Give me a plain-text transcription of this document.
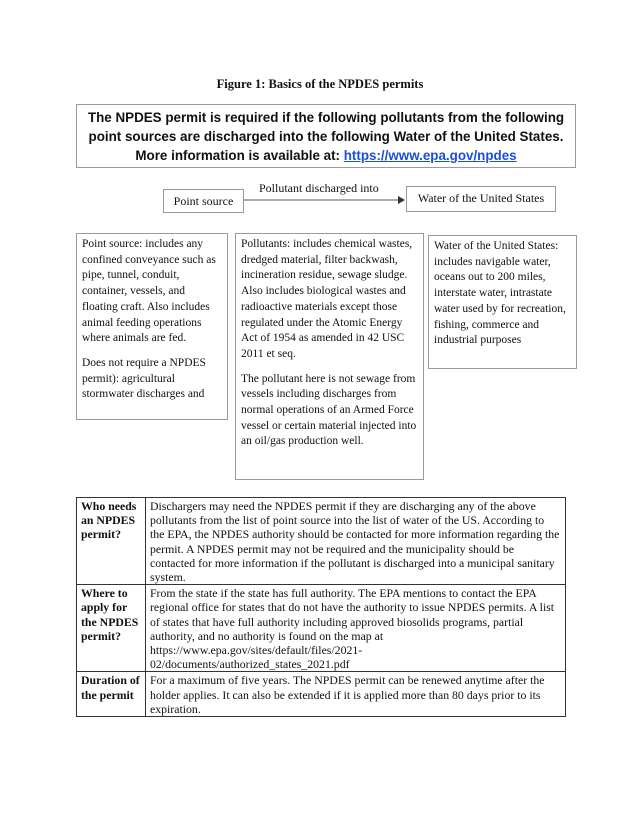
Figure 1: Basics of the NPDES permits
The NPDES permit is required if the following pollutants from the following
point sources are discharged into the following Water of the United States.
More information is available at: https://www.epa.gov/npdes
Point source
Pollutant discharged into
Water of the United States

Point source: includes any confined conveyance such as pipe, tunnel, conduit, container, vessels, and floating craft. Also includes animal feeding operations where animals are fed.

Does not require a NPDES permit): agricultural stormwater discharges and

Pollutants: includes chemical wastes, dredged material, filter backwash, incineration residue, sewage sludge. Also includes biological wastes and radioactive materials except those regulated under the Atomic Energy Act of 1954 as amended in 42 USC 2011 et seq.

The pollutant here is not sewage from vessels including discharges from normal operations of an Armed Force vessel or certain material injected into an oil/gas production well.

Water of the United States: includes navigable water, oceans out to 200 miles, interstate water, intrastate water used by for recreation, fishing, commerce and industrial purposes

Who needs an NPDES permit?	Dischargers may need the NPDES permit if they are discharging any of the above pollutants from the list of point source into the list of water of the US. According to the EPA, the NPDES authority should be contacted for more information regarding the permit. A NPDES permit may not be required and the municipality should be contacted for more information if the pollutant is discharged into a municipal sanitary system.
Where to apply for the NPDES permit?	From the state if the state has full authority. The EPA mentions to contact the EPA regional office for states that do not have the authority to issue NPDES permits. A list of states that have full authority including approved biosolids programs, partial authority, and no authority is found on the map at https://www.epa.gov/sites/default/files/2021-02/documents/authorized_states_2021.pdf
Duration of the permit	For a maximum of five years. The NPDES permit can be renewed anytime after the holder applies. It can also be extended if it is applied more than 80 days prior to its expiration.
